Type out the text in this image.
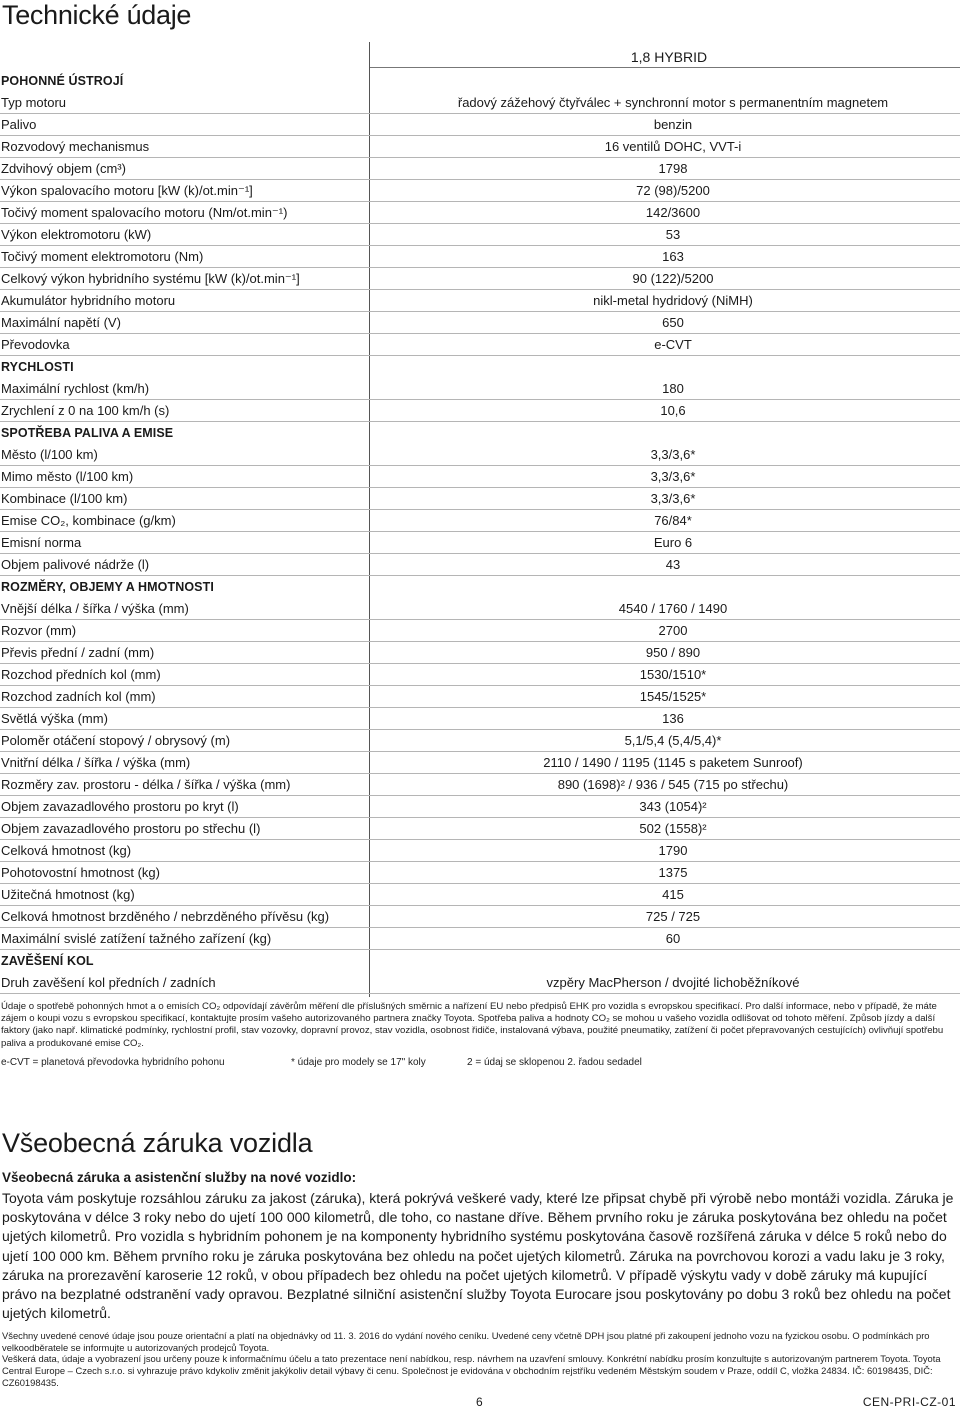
Technické údaje
1,8 HYBRID
POHONNÉ ÚSTROJÍ
Typ motoru	řadový zážehový čtyřválec + synchronní motor s permanentním magnetem
Palivo	benzin
Rozvodový mechanismus	16 ventilů DOHC, VVT-i
Zdvihový objem (cm³)	1798
Výkon spalovacího motoru [kW (k)/ot.min⁻¹]	72 (98)/5200
Točivý moment spalovacího motoru (Nm/ot.min⁻¹)	142/3600
Výkon elektromotoru (kW)	53
Točivý moment elektromotoru (Nm)	163
Celkový výkon hybridního systému [kW (k)/ot.min⁻¹]	90 (122)/5200
Akumulátor hybridního motoru	nikl-metal hydridový (NiMH)
Maximální napětí (V)	650
Převodovka	e-CVT
RYCHLOSTI
Maximální rychlost (km/h)	180
Zrychlení z 0 na 100 km/h (s)	10,6
SPOTŘEBA PALIVA A EMISE
Město (l/100 km)	3,3/3,6*
Mimo město (l/100 km)	3,3/3,6*
Kombinace (l/100 km)	3,3/3,6*
Emise CO₂, kombinace (g/km)	76/84*
Emisní norma	Euro 6
Objem palivové nádrže (l)	43
ROZMĚRY, OBJEMY A HMOTNOSTI
Vnější délka / šířka / výška (mm)	4540 / 1760 / 1490
Rozvor (mm)	2700
Převis přední / zadní (mm)	950 / 890
Rozchod předních kol (mm)	1530/1510*
Rozchod zadních kol (mm)	1545/1525*
Světlá výška (mm)	136
Poloměr otáčení stopový / obrysový (m)	5,1/5,4 (5,4/5,4)*
Vnitřní délka / šířka / výška (mm)	2110 / 1490 / 1195 (1145 s paketem Sunroof)
Rozměry zav. prostoru - délka / šířka / výška (mm)	890 (1698)² / 936 / 545 (715 po střechu)
Objem zavazadlového prostoru po kryt (l)	343 (1054)²
Objem zavazadlového prostoru po střechu (l)	502 (1558)²
Celková hmotnost (kg)	1790
Pohotovostní hmotnost (kg)	1375
Užitečná hmotnost (kg)	415
Celková hmotnost brzděného / nebrzděného přívěsu (kg)	725 / 725
Maximální svislé zatížení tažného zařízení (kg)	60
ZAVĚŠENÍ KOL
Druh zavěšení kol předních / zadních	vzpěry MacPherson / dvojité lichoběžníkové
Údaje o spotřebě pohonných hmot a o emisích CO₂ odpovídají závěrům měření dle příslušných směrnic a nařízení EU nebo předpisů EHK pro vozidla s evropskou specifikací. Pro další informace, nebo v případě, že máte zájem o koupi vozu s evropskou specifikací, kontaktujte prosím vašeho autorizovaného partnera značky Toyota. Spotřeba paliva a hodnoty CO₂ se mohou u vašeho vozidla odlišovat od tohoto měření. Způsob jízdy a další faktory (jako např. klimatické podmínky, rychlostní profil, stav vozovky, dopravní provoz, stav vozidla, osobnost řidiče, instalovaná výbava, použité pneumatiky, zatížení či počet přepravovaných cestujících) ovlivňují spotřebu paliva a produkované emise CO₂.
e-CVT = planetová převodovka hybridního pohonu	* údaje pro modely se 17" koly	2 = údaj se sklopenou 2. řadou sedadel
Všeobecná záruka vozidla
Všeobecná záruka a asistenční služby na nové vozidlo:
Toyota vám poskytuje rozsáhlou záruku za jakost (záruka), která pokrývá veškeré vady, které lze připsat chybě při výrobě nebo montáži vozidla. Záruka je poskytována v délce 3 roky nebo do ujetí 100 000 kilometrů, dle toho, co nastane dříve. Během prvního roku je záruka poskytována bez ohledu na počet ujetých kilometrů. Pro vozidla s hybridním pohonem je na komponenty hybridního systému poskytována časově rozšířená záruka v délce 5 roků nebo do ujetí 100 000 km. Během prvního roku je záruka poskytována bez ohledu na počet ujetých kilometrů. Záruka na povrchovou korozi a vadu laku je 3 roky, záruka na prorezavění karoserie 12 roků, v obou případech bez ohledu na počet ujetých kilometrů. V případě výskytu vady v době záruky má kupující právo na bezplatné odstranění vady opravou. Bezplatné silniční asistenční služby Toyota Eurocare jsou poskytovány po dobu 3 roků bez ohledu na počet ujetých kilometrů.
Všechny uvedené cenové údaje jsou pouze orientační a platí na objednávky od 11. 3. 2016 do vydání nového ceníku. Uvedené ceny včetně DPH jsou platné při zakoupení jednoho vozu na fyzickou osobu. O podmínkách pro velkoodběratele se informujte u autorizovaných prodejců Toyota.
Veškerá data, údaje a vyobrazení jsou určeny pouze k informačnímu účelu a tato prezentace není nabídkou, resp. návrhem na uzavření smlouvy. Konkrétní nabídku prosím konzultujte s autorizovaným partnerem Toyota. Toyota Central Europe – Czech s.r.o. si vyhrazuje právo kdykoliv změnit jakýkoliv detail výbavy či cenu. Společnost je evidována v obchodním rejstříku vedeném Městským soudem v Praze, oddíl C, vložka 24834. IČ: 60198435, DIČ: CZ60198435.
6	CEN-PRI-CZ-01
